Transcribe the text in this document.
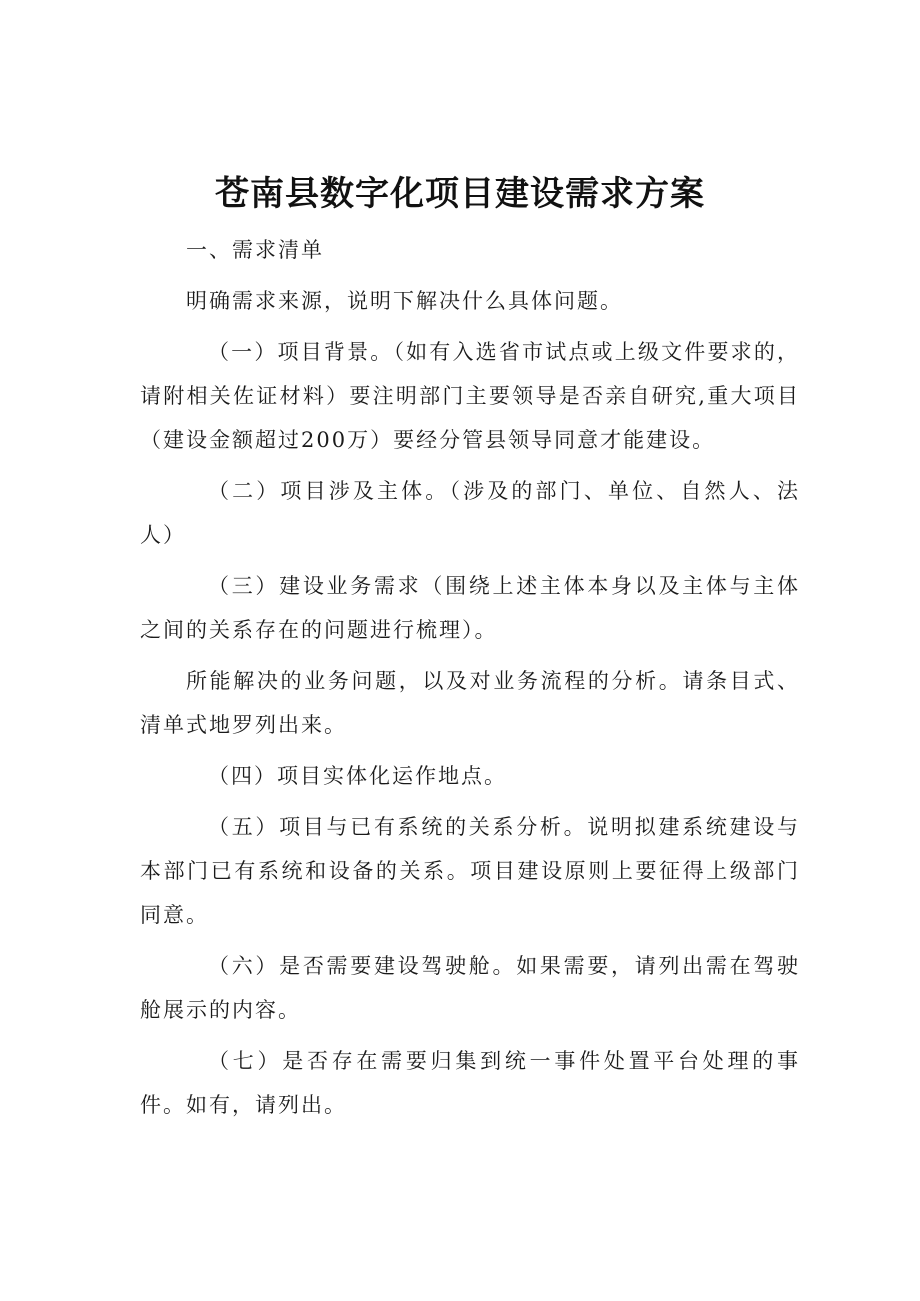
苍南县数字化项目建设需求方案

一、需求清单

明确需求来源，说明下解决什么具体问题。

（一）项目背景。（如有入选省市试点或上级文件要求的，请附相关佐证材料）要注明部门主要领导是否亲自研究,重大项目（建设金额超过200万）要经分管县领导同意才能建设。

（二）项目涉及主体。（涉及的部门、单位、自然人、法人）

（三）建设业务需求（围绕上述主体本身以及主体与主体之间的关系存在的问题进行梳理）。

所能解决的业务问题，以及对业务流程的分析。请条目式、清单式地罗列出来。

（四）项目实体化运作地点。

（五）项目与已有系统的关系分析。说明拟建系统建设与本部门已有系统和设备的关系。项目建设原则上要征得上级部门同意。

（六）是否需要建设驾驶舱。如果需要，请列出需在驾驶舱展示的内容。

（七）是否存在需要归集到统一事件处置平台处理的事件。如有，请列出。
